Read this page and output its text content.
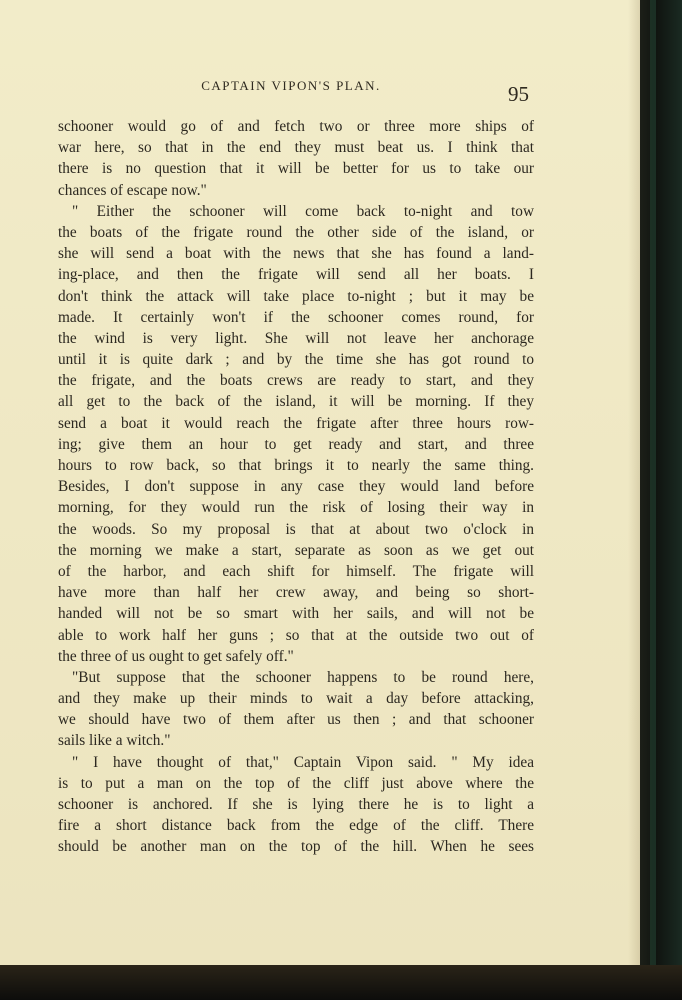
CAPTAIN VIPON'S PLAN.	95
schooner would go of and fetch two or three more ships of
war here, so that in the end they must beat us. I think that
there is no question that it will be better for us to take our
chances of escape now."
" Either the schooner will come back to-night and tow
the boats of the frigate round the other side of the island, or
she will send a boat with the news that she has found a land-
ing-place, and then the frigate will send all her boats. I
don't think the attack will take place to-night ; but it may be
made. It certainly won't if the schooner comes round, for
the wind is very light. She will not leave her anchorage
until it is quite dark ; and by the time she has got round to
the frigate, and the boats crews are ready to start, and they
all get to the back of the island, it will be morning. If they
send a boat it would reach the frigate after three hours row-
ing; give them an hour to get ready and start, and three
hours to row back, so that brings it to nearly the same thing.
Besides, I don't suppose in any case they would land before
morning, for they would run the risk of losing their way in
the woods. So my proposal is that at about two o'clock in
the morning we make a start, separate as soon as we get out
of the harbor, and each shift for himself. The frigate will
have more than half her crew away, and being so short-
handed will not be so smart with her sails, and will not be
able to work half her guns ; so that at the outside two out of
the three of us ought to get safely off."
"But suppose that the schooner happens to be round here,
and they make up their minds to wait a day before attacking,
we should have two of them after us then ; and that schooner
sails like a witch."
" I have thought of that," Captain Vipon said. " My idea
is to put a man on the top of the cliff just above where the
schooner is anchored. If she is lying there he is to light a
fire a short distance back from the edge of the cliff. There
should be another man on the top of the hill. When he sees
